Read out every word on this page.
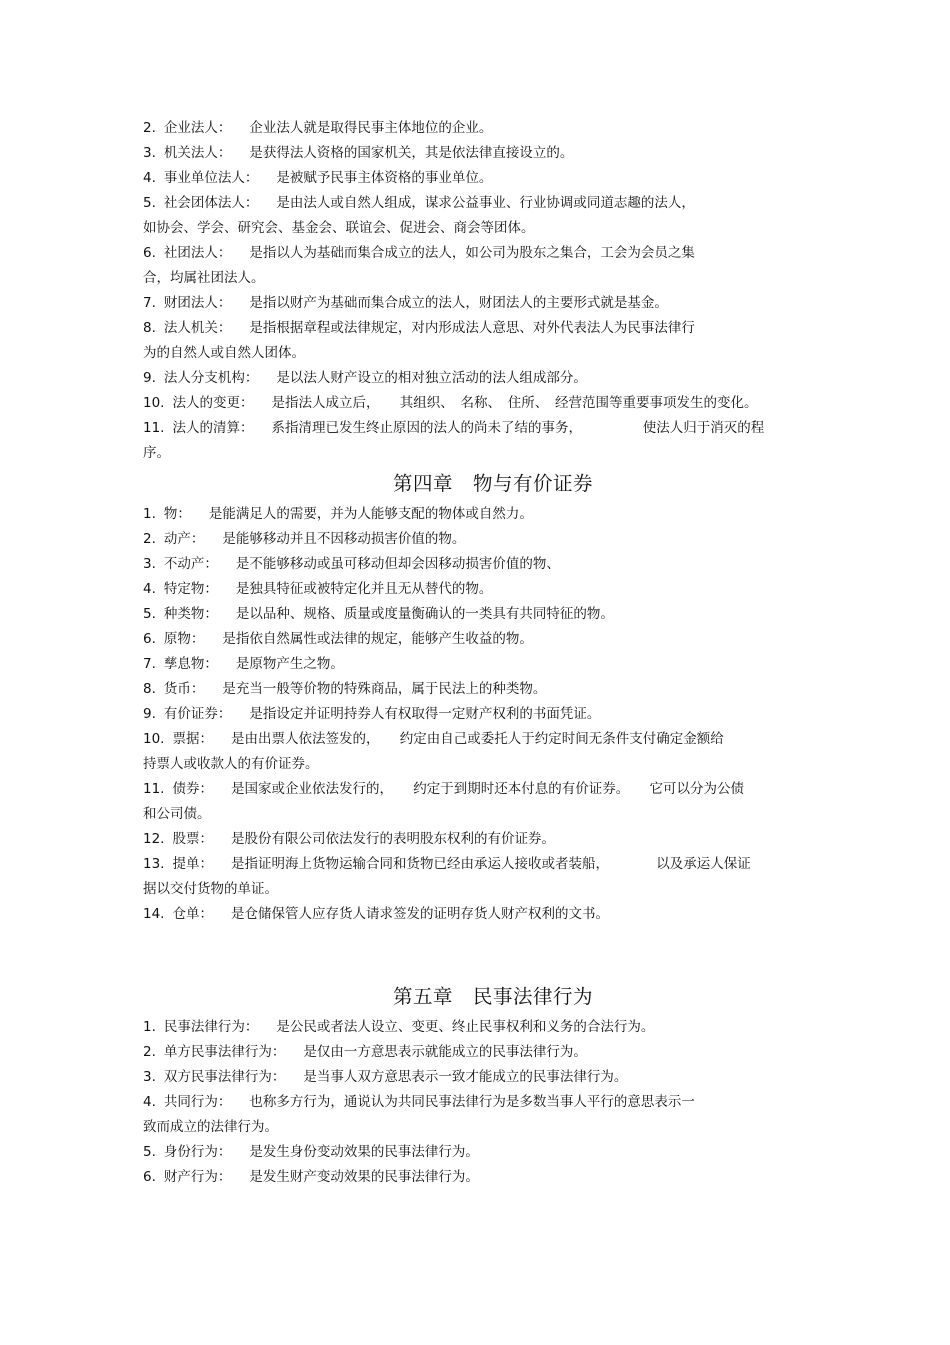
2. 企业法人： 企业法人就是取得民事主体地位的企业。
3. 机关法人： 是获得法人资格的国家机关，其是依法律直接设立的。
4. 事业单位法人： 是被赋予民事主体资格的事业单位。
5. 社会团体法人： 是由法人或自然人组成，谋求公益事业、行业协调或同道志趣的法人，
如协会、学会、研究会、基金会、联谊会、促进会、商会等团体。
6. 社团法人： 是指以人为基础而集合成立的法人，如公司为股东之集合，工会为会员之集
合，均属社团法人。
7. 财团法人： 是指以财产为基础而集合成立的法人，财团法人的主要形式就是基金。
8. 法人机关： 是指根据章程或法律规定，对内形成法人意思、对外代表法人为民事法律行
为的自然人或自然人团体。
9. 法人分支机构： 是以法人财产设立的相对独立活动的法人组成部分。
10. 法人的变更： 是指法人成立后，　　其组织、　名称、　住所、　经营范围等重要事项发生的变化。
11. 法人的清算： 系指清理已发生终止原因的法人的尚未了结的事务，　　　　　使法人归于消灭的程
序。
第四章　物与有价证券
1. 物： 是能满足人的需要，并为人能够支配的物体或自然力。
2. 动产： 是能够移动并且不因移动损害价值的物。
3. 不动产： 是不能够移动或虽可移动但却会因移动损害价值的物、
4. 特定物： 是独具特征或被特定化并且无从替代的物。
5. 种类物： 是以品种、规格、质量或度量衡确认的一类具有共同特征的物。
6. 原物： 是指依自然属性或法律的规定，能够产生收益的物。
7. 孳息物： 是原物产生之物。
8. 货币： 是充当一般等价物的特殊商品，属于民法上的种类物。
9. 有价证券： 是指设定并证明持券人有权取得一定财产权利的书面凭证。
10. 票据： 是由出票人依法签发的，　　约定由自己或委托人于约定时间无条件支付确定金额给
持票人或收款人的有价证券。
11. 债券： 是国家或企业依法发行的，　　约定于到期时还本付息的有价证券。　　它可以分为公债
和公司债。
12. 股票： 是股份有限公司依法发行的表明股东权利的有价证券。
13. 提单： 是指证明海上货物运输合同和货物已经由承运人接收或者装船，　　　　以及承运人保证
据以交付货物的单证。
14. 仓单： 是仓储保管人应存货人请求签发的证明存货人财产权利的文书。
第五章　民事法律行为
1. 民事法律行为： 是公民或者法人设立、变更、终止民事权利和义务的合法行为。
2. 单方民事法律行为： 是仅由一方意思表示就能成立的民事法律行为。
3. 双方民事法律行为： 是当事人双方意思表示一致才能成立的民事法律行为。
4. 共同行为： 也称多方行为，通说认为共同民事法律行为是多数当事人平行的意思表示一
致而成立的法律行为。
5. 身份行为： 是发生身份变动效果的民事法律行为。
6. 财产行为： 是发生财产变动效果的民事法律行为。
